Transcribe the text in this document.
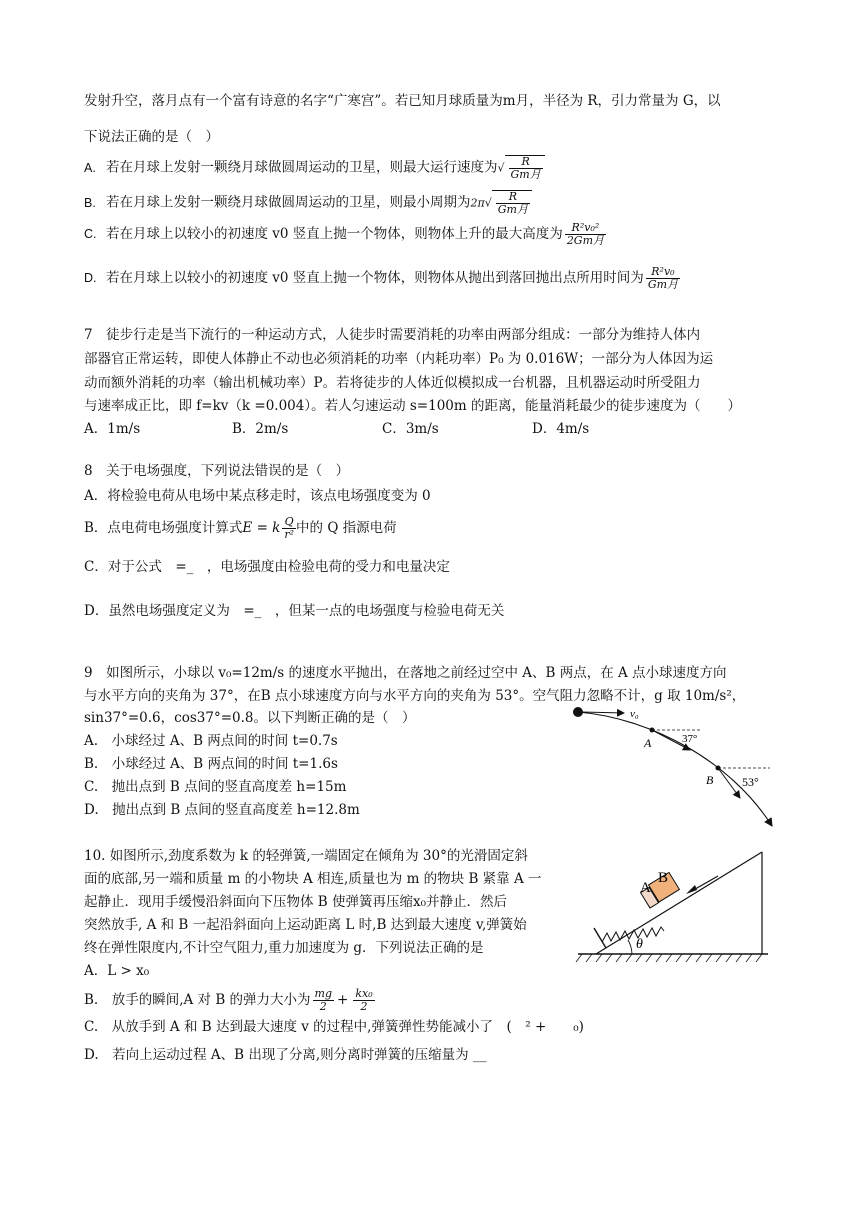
发射升空，落月点有一个富有诗意的名字“广寒宫”。若已知月球质量为m月，半径为 R，引力常量为 G，以
下说法正确的是（　）
A. 若在月球上发射一颗绕月球做圆周运动的卫星，则最大运行速度为√ $\frac{R}{\text{Gm月}}$
B. 若在月球上发射一颗绕月球做圆周运动的卫星，则最小周期为$2\pi√ \frac{R}{\text{Gm月}}$
C. 若在月球上以较小的初速度 v0 竖直上抛一个物体，则物体上升的最大高度为 $\frac{\text{R²v₀²}}{\text{2Gm月}}$
D. 若在月球上以较小的初速度 v0 竖直上抛一个物体，则物体从抛出到落回抛出点所用时间为 $\frac{\text{R²v₀}}{\text{Gm月}}$
7　徒步行走是当下流行的一种运动方式，人徒步时需要消耗的功率由两部分组成：一部分为维持人体内
部器官正常运转，即使人体静止不动也必须消耗的功率（内耗功率）P₀ 为 0.016W；一部分为人体因为运
动而额外消耗的功率（输出机械功率）P。若将徒步的人体近似模拟成一台机器，且机器运动时所受阻力
与速率成正比，即 f=kv（k =0.004）。若人匀速运动 s=100m 的距离，能量消耗最少的徒步速度为（　　）
A．1m/s	B．2m/s	C．3m/s	D．4m/s
8　关于电场强度，下列说法错误的是（　）
A．将检验电荷从电场中某点移走时，该点电场强度变为 0
B．点电荷电场强度计算式E = k $\frac{Q}{\text{r²}}$ 中的 Q 指源电荷
C．对于公式　=_　，电场强度由检验电荷的受力和电量决定
D．虽然电场强度定义为　=_　，但某一点的电场强度与检验电荷无关
9　如图所示，小球以 v₀=12m/s 的速度水平抛出，在落地之前经过空中 A、B 两点，在 A 点小球速度方向
与水平方向的夹角为 37°，在B 点小球速度方向与水平方向的夹角为 53°。空气阻力忽略不计，g 取 10m/s²，
sin37°=0.6，cos37°=0.8。以下判断正确的是（　）
A.　小球经过 A、B 两点间的时间 t=0.7s
B.　小球经过 A、B 两点间的时间 t=1.6s
C.　抛出点到 B 点间的竖直高度差 h=15m
D.　抛出点到 B 点间的竖直高度差 h=12.8m
v₀
A	37°
B 53°
10. 如图所示,劲度系数为 k 的轻弹簧,一端固定在倾角为 30°的光滑固定斜
面的底部,另一端和质量 m 的小物块 A 相连,质量也为 m 的物块 B 紧靠 A 一
起静止．现用手缓慢沿斜面向下压物体 B 使弹簧再压缩x₀并静止．然后
突然放手, A 和 B 一起沿斜面向上运动距离 L 时,B 达到最大速度 v,弹簧始
终在弹性限度内,不计空气阻力,重力加速度为 g．下列说法正确的是
A．L > x₀
B.　放手的瞬间,A 对 B 的弹力大小为 $\frac{mg}{2} + \frac{\text{kx₀}}{2}$
C.　从放手到 A 和 B 达到最大速度 v 的过程中,弹簧弹性势能减小了　(　² +　　₀)
D.　若向上运动过程 A、B 出现了分离,则分离时弹簧的压缩量为 __
A
B
θ
